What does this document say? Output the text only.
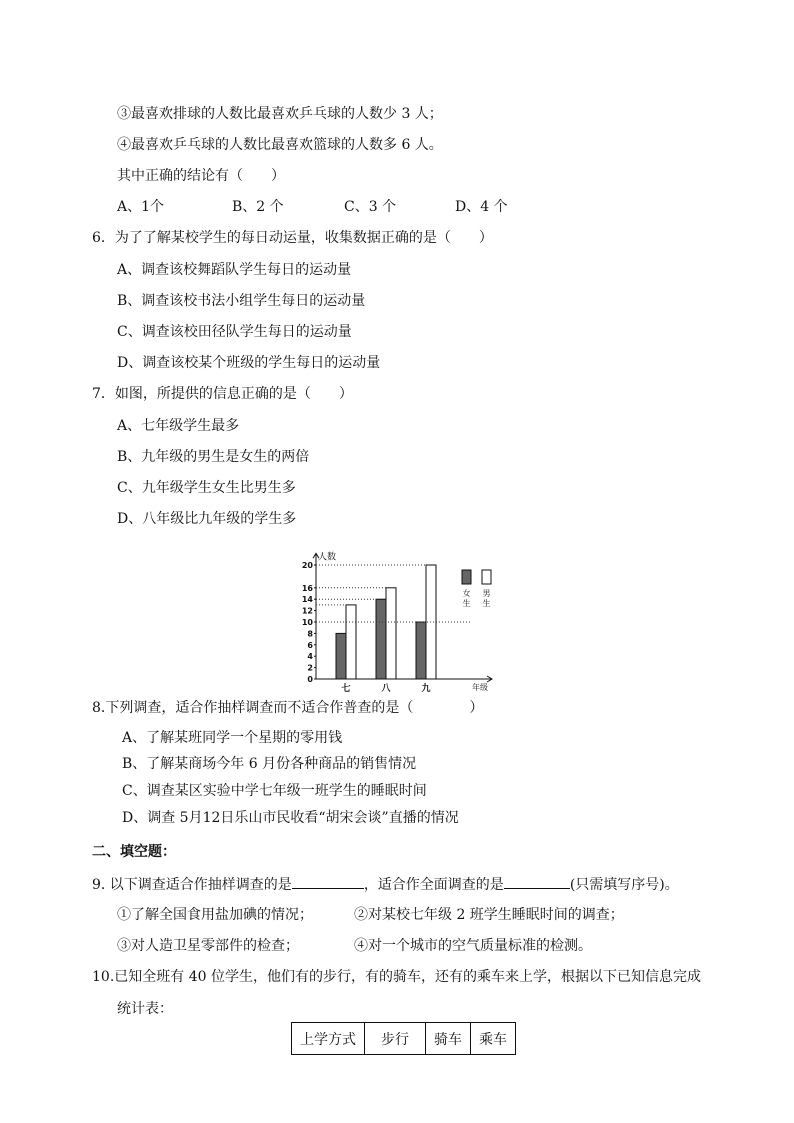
③最喜欢排球的人数比最喜欢乒乓球的人数少 3 人；
④最喜欢乒乓球的人数比最喜欢篮球的人数多 6 人。
其中正确的结论有（　　）
A、1个	B、2 个	C、3 个	D、4 个
6．为了了解某校学生的每日动运量，收集数据正确的是（　　）
A、调查该校舞蹈队学生每日的运动量
B、调查该校书法小组学生每日的运动量
C、调查该校田径队学生每日的运动量
D、调查该校某个班级的学生每日的运动量
7．如图，所提供的信息正确的是（　　）
A、七年级学生最多
B、九年级的男生是女生的两倍
C、九年级学生女生比男生多
D、八年级比九年级的学生多
人数
年级
0
2
4
6
8
10
12
14
16
20
七	八	九
女
生
男
生
8.下列调查，适合作抽样调查而不适合作普查的是（　　　　）
A、了解某班同学一个星期的零用钱
B、了解某商场今年 6 月份各种商品的销售情况
C、调查某区实验中学七年级一班学生的睡眠时间
D、调查 5月12日乐山市民收看“胡宋会谈”直播的情况
二、填空题：
9. 以下调查适合作抽样调查的是	，适合作全面调查的是	(只需填写序号)。
①了解全国食用盐加碘的情况；	②对某校七年级 2 班学生睡眠时间的调查；
③对人造卫星零部件的检查；	④对一个城市的空气质量标准的检测。
10.已知全班有 40 位学生，他们有的步行，有的骑车，还有的乘车来上学，根据以下已知信息完成
统计表：
上学方式	步行	骑车	乘车
